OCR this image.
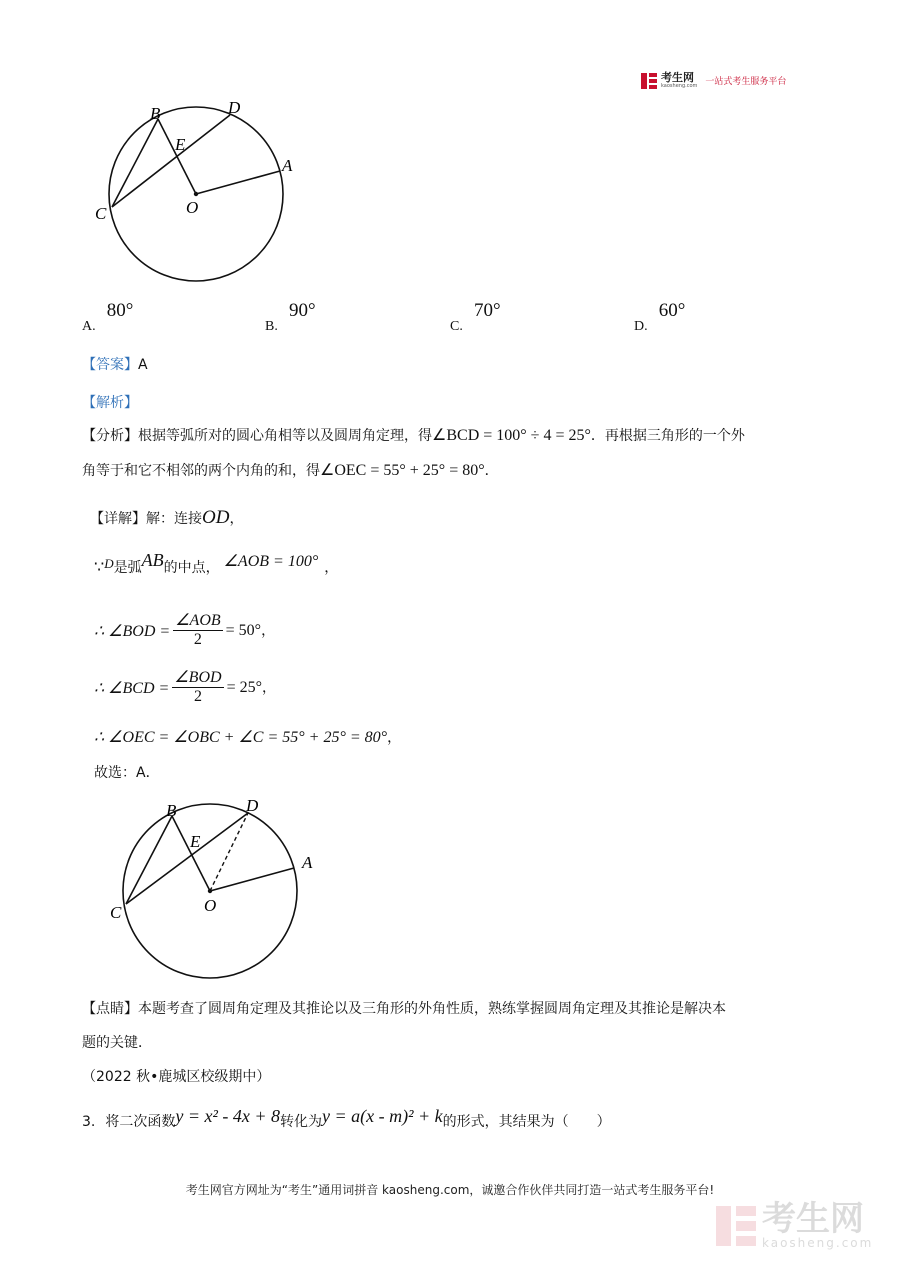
考生网
kaosheng.com 一站式考生服务平台
B	D
E
A
C	O
A. 80°
B. 90°
C. 70°
D. 60°
【答案】A
【解析】
【分析】根据等弧所对的圆心角相等以及圆周角定理，得∠BCD = 100° ÷ 4 = 25°．再根据三角形的一个外
角等于和它不相邻的两个内角的和，得∠OEC = 55° + 25° = 80°．
【详解】解：连接OD，
∵D是弧AB的中点， ∠AOB = 100° ，
∴ ∠BOD = $\frac{\text{∠AOB}}{2} = 50^\circ$ ，
∴ ∠BCD = $\frac{\text{∠BOD}}{2} = 25^\circ$ ，
∴ ∠OEC = ∠OBC + ∠C = 55° + 25° = 80°，
故选：A．
B	D
E
A
C	O
【点睛】本题考查了圆周角定理及其推论以及三角形的外角性质，熟练掌握圆周角定理及其推论是解决本
题的关键．
（2022 秋•鹿城区校级期中）
3. 将二次函数y = x² - 4x + 8转化为y = a(x - m)² + k的形式，其结果为（　　）
考生网官方网址为“考生”通用词拼音 kaosheng.com，诚邀合作伙伴共同打造一站式考生服务平台!
考生网
kaosheng.com
